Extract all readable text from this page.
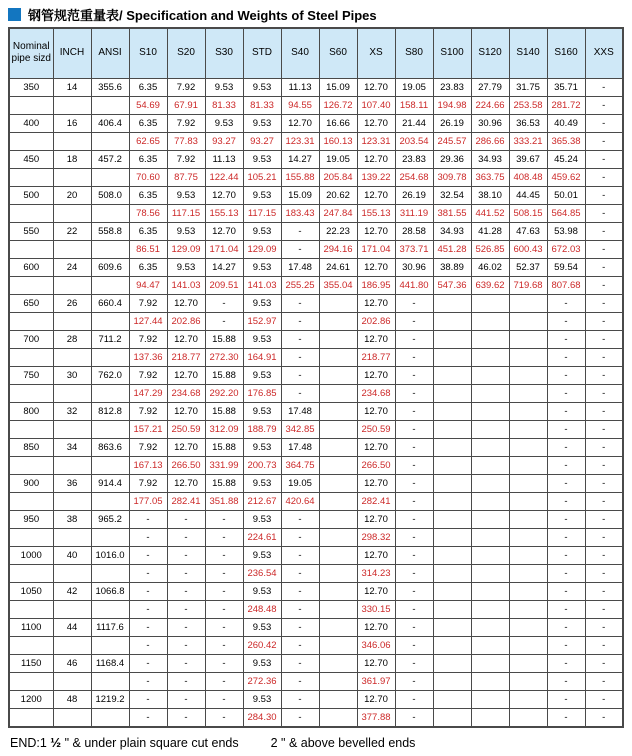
钢管规范重量表/ Specification and Weights of Steel Pipes
Nominal pipe sizd	INCH	ANSI	S10	S20	S30	STD	S40	S60	XS	S80	S100	S120	S140	S160	XXS
350	14	355.6	6.35	7.92	9.53	9.53	11.13	15.09	12.70	19.05	23.83	27.79	31.75	35.71	-
			54.69	67.91	81.33	81.33	94.55	126.72	107.40	158.11	194.98	224.66	253.58	281.72	-
400	16	406.4	6.35	7.92	9.53	9.53	12.70	16.66	12.70	21.44	26.19	30.96	36.53	40.49	-
			62.65	77.83	93.27	93.27	123.31	160.13	123.31	203.54	245.57	286.66	333.21	365.38	-
450	18	457.2	6.35	7.92	11.13	9.53	14.27	19.05	12.70	23.83	29.36	34.93	39.67	45.24	-
			70.60	87.75	122.44	105.21	155.88	205.84	139.22	254.68	309.78	363.75	408.48	459.62	-
500	20	508.0	6.35	9.53	12.70	9.53	15.09	20.62	12.70	26.19	32.54	38.10	44.45	50.01	-
			78.56	117.15	155.13	117.15	183.43	247.84	155.13	311.19	381.55	441.52	508.15	564.85	-
550	22	558.8	6.35	9.53	12.70	9.53	-	22.23	12.70	28.58	34.93	41.28	47.63	53.98	-
			86.51	129.09	171.04	129.09	-	294.16	171.04	373.71	451.28	526.85	600.43	672.03	-
600	24	609.6	6.35	9.53	14.27	9.53	17.48	24.61	12.70	30.96	38.89	46.02	52.37	59.54	-
			94.47	141.03	209.51	141.03	255.25	355.04	186.95	441.80	547.36	639.62	719.68	807.68	-
650	26	660.4	7.92	12.70	-	9.53	-		12.70	-				-	-
			127.44	202.86	-	152.97	-		202.86	-				-	-
700	28	711.2	7.92	12.70	15.88	9.53	-		12.70	-				-	-
			137.36	218.77	272.30	164.91	-		218.77	-				-	-
750	30	762.0	7.92	12.70	15.88	9.53	-		12.70	-				-	-
			147.29	234.68	292.20	176.85	-		234.68	-				-	-
800	32	812.8	7.92	12.70	15.88	9.53	17.48		12.70	-				-	-
			157.21	250.59	312.09	188.79	342.85		250.59	-				-	-
850	34	863.6	7.92	12.70	15.88	9.53	17.48		12.70	-				-	-
			167.13	266.50	331.99	200.73	364.75		266.50	-				-	-
900	36	914.4	7.92	12.70	15.88	9.53	19.05		12.70	-				-	-
			177.05	282.41	351.88	212.67	420.64		282.41	-				-	-
950	38	965.2	-	-	-	9.53	-		12.70	-				-	-
			-	-	-	224.61	-		298.32	-				-	-
1000	40	1016.0	-	-	-	9.53	-		12.70	-				-	-
			-	-	-	236.54	-		314.23	-				-	-
1050	42	1066.8	-	-	-	9.53	-		12.70	-				-	-
			-	-	-	248.48	-		330.15	-				-	-
1100	44	1117.6	-	-	-	9.53	-		12.70	-				-	-
			-	-	-	260.42	-		346.06	-				-	-
1150	46	1168.4	-	-	-	9.53	-		12.70	-				-	-
			-	-	-	272.36	-		361.97	-				-	-
1200	48	1219.2	-	-	-	9.53	-		12.70	-				-	-
			-	-	-	284.30	-		377.88	-				-	-
END:1 ½ " & under plain square cut ends	2 " & above bevelled ends
